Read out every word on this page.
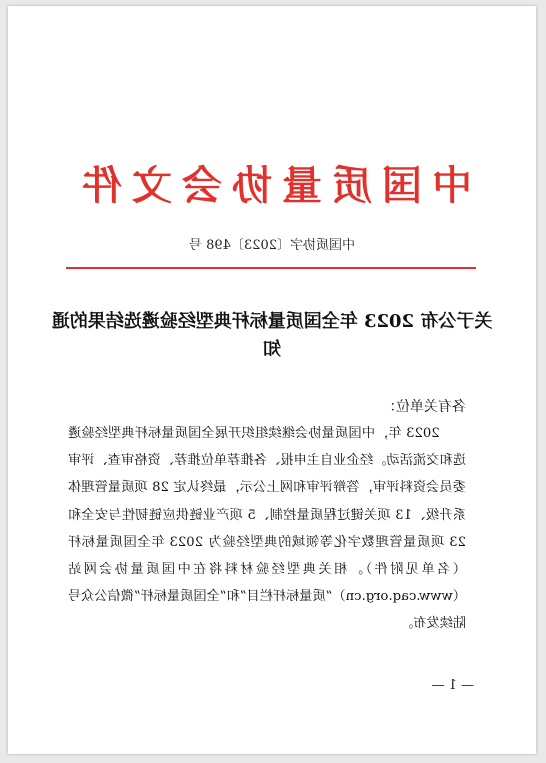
中国质量协会文件
中国质协字〔2023〕498 号
关于公布 2023 年全国质量标杆典型经验遴选结果的通知
各有关单位：
2023 年，中国质量协会继续组织开展全国质量标杆典型经验遴选和交流活动。经企业自主申报、各推荐单位推荐、资格审查、评审委员会资料评审，答辩评审和网上公示，最终认定 28 项质量管理体系升级、13 项关键过程质量控制、5 项产业链供应链韧性与安全和 23 项质量管理数字化等领域的典型经验为 2023 年全国质量标杆（名单见附件）。相关典型经验材料将在中国质量协会网站（www.caq.org.cn）“质量标杆栏目”和“全国质量标杆”微信公众号陆续发布。
— 1 —
